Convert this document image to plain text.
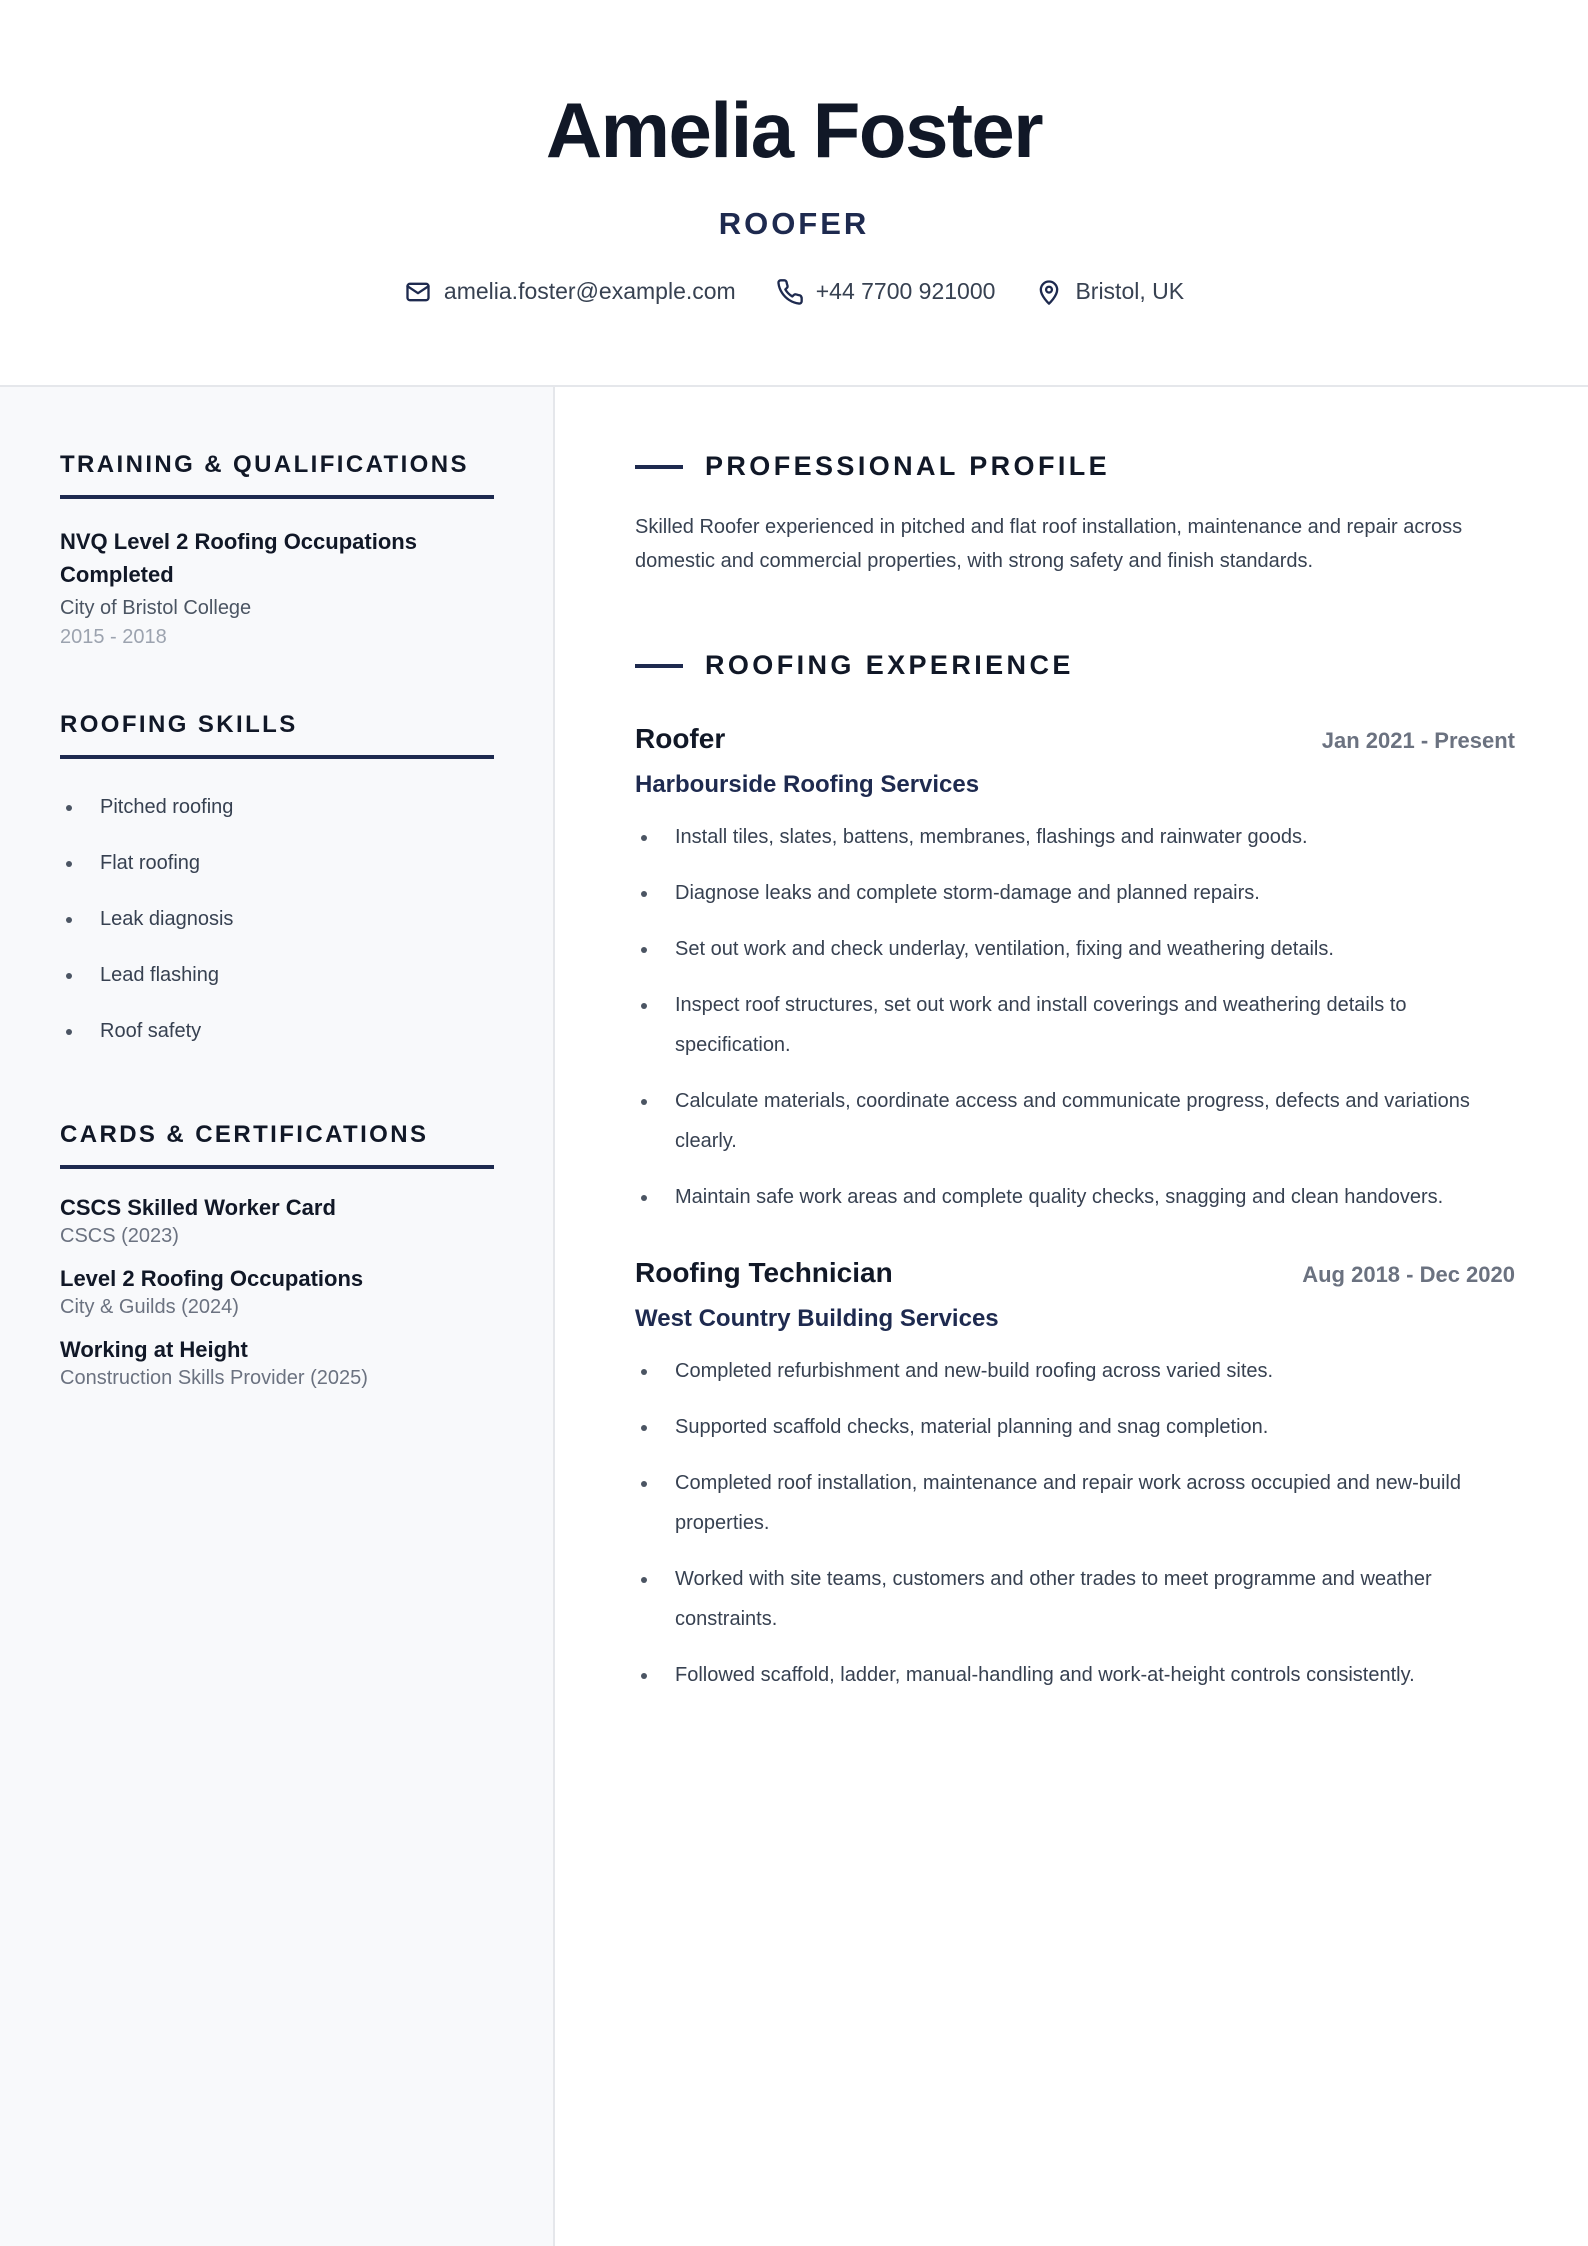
Amelia Foster
ROOFER
amelia.foster@example.com	+44 7700 921000	Bristol, UK
TRAINING & QUALIFICATIONS
NVQ Level 2 Roofing Occupations Completed
City of Bristol College
2015 - 2018
ROOFING SKILLS
Pitched roofing
Flat roofing
Leak diagnosis
Lead flashing
Roof safety
CARDS & CERTIFICATIONS
CSCS Skilled Worker Card
CSCS (2023)
Level 2 Roofing Occupations
City & Guilds (2024)
Working at Height
Construction Skills Provider (2025)
PROFESSIONAL PROFILE

Skilled Roofer experienced in pitched and flat roof installation, maintenance and repair across domestic and commercial properties, with strong safety and finish standards.

ROOFING EXPERIENCE
Roofer	Jan 2021 - Present
Harbourside Roofing Services
Install tiles, slates, battens, membranes, flashings and rainwater goods.
Diagnose leaks and complete storm-damage and planned repairs.
Set out work and check underlay, ventilation, fixing and weathering details.
Inspect roof structures, set out work and install coverings and weathering details to specification.
Calculate materials, coordinate access and communicate progress, defects and variations clearly.
Maintain safe work areas and complete quality checks, snagging and clean handovers.
Roofing Technician	Aug 2018 - Dec 2020
West Country Building Services
Completed refurbishment and new-build roofing across varied sites.
Supported scaffold checks, material planning and snag completion.
Completed roof installation, maintenance and repair work across occupied and new-build properties.
Worked with site teams, customers and other trades to meet programme and weather constraints.
Followed scaffold, ladder, manual-handling and work-at-height controls consistently.
